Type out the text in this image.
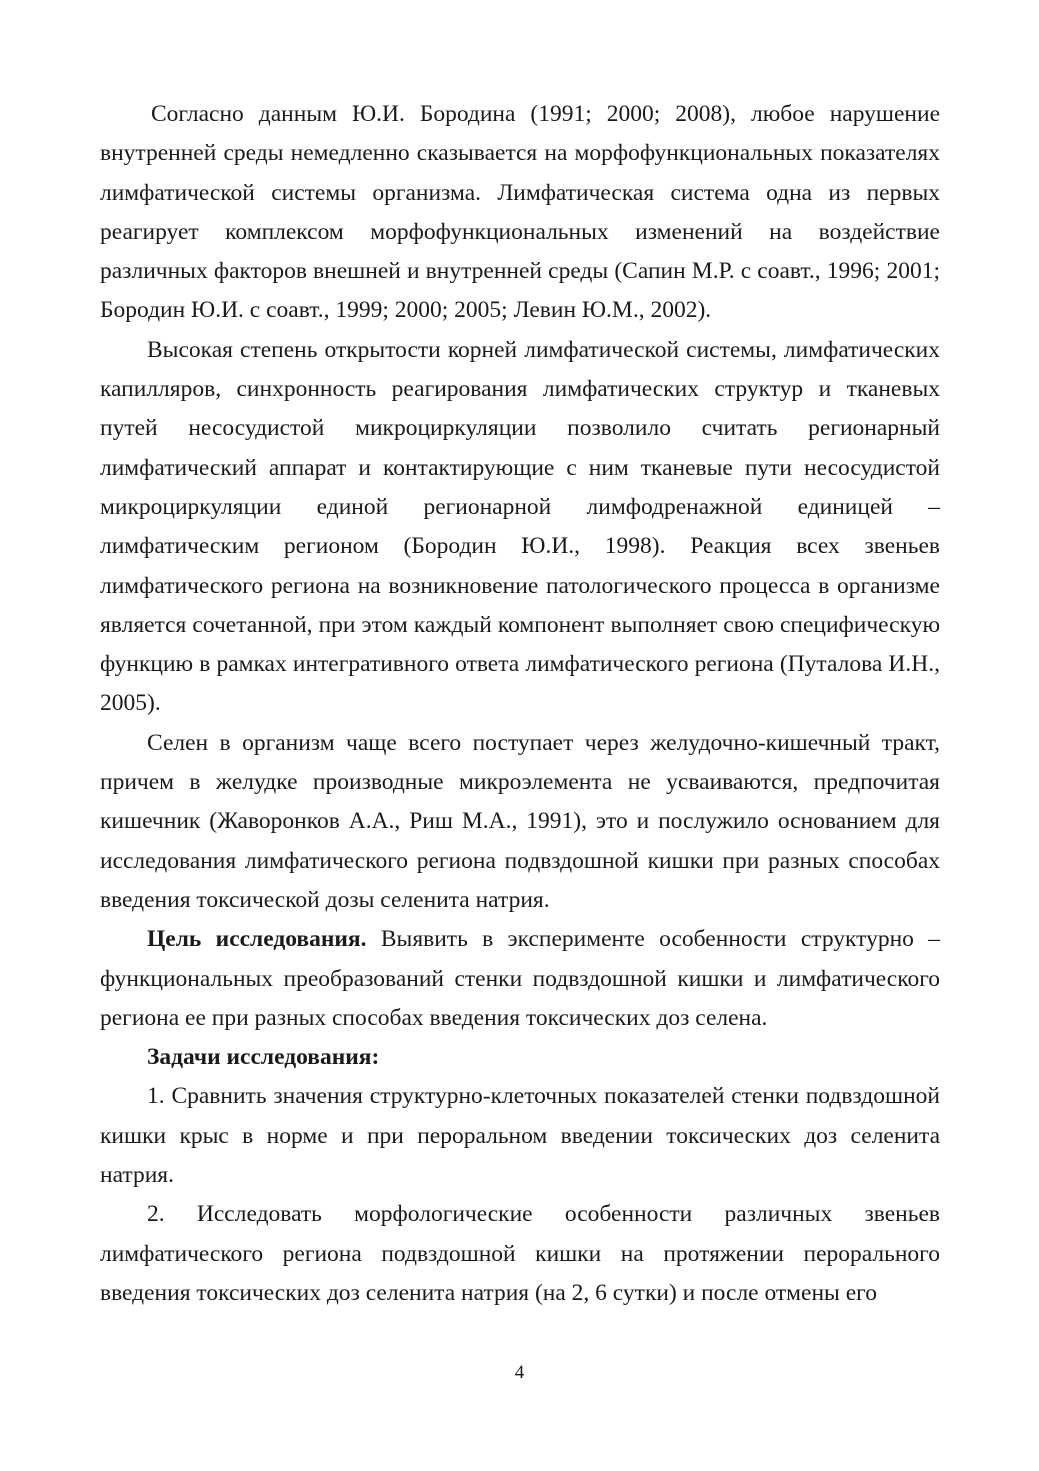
Согласно данным Ю.И. Бородина (1991; 2000; 2008), любое нарушение внутренней среды немедленно сказывается на морфофункциональных показателях лимфатической системы организма. Лимфатическая система одна из первых реагирует комплексом морфофункциональных изменений на воздействие различных факторов внешней и внутренней среды (Сапин М.Р. с соавт., 1996; 2001; Бородин Ю.И. с соавт., 1999; 2000; 2005; Левин Ю.М., 2002).

Высокая степень открытости корней лимфатической системы, лимфатических капилляров, синхронность реагирования лимфатических структур и тканевых путей несосудистой микроциркуляции позволило считать регионарный лимфатический аппарат и контактирующие с ним тканевые пути несосудистой микроциркуляции единой регионарной лимфодренажной единицей – лимфатическим регионом (Бородин Ю.И., 1998). Реакция всех звеньев лимфатического региона на возникновение патологического процесса в организме является сочетанной, при этом каждый компонент выполняет свою специфическую функцию в рамках интегративного ответа лимфатического региона (Путалова И.Н., 2005).

Селен в организм чаще всего поступает через желудочно-кишечный тракт, причем в желудке производные микроэлемента не усваиваются, предпочитая кишечник (Жаворонков А.А., Риш М.А., 1991), это и послужило основанием для исследования лимфатического региона подвздошной кишки при разных способах введения токсической дозы селенита натрия.

Цель исследования. Выявить в эксперименте особенности структурно – функциональных преобразований стенки подвздошной кишки и лимфатического региона ее при разных способах введения токсических доз селена.

Задачи исследования:

1. Сравнить значения структурно-клеточных показателей стенки подвздошной кишки крыс в норме и при пероральном введении токсических доз селенита натрия.

2. Исследовать морфологические особенности различных звеньев лимфатического региона подвздошной кишки на протяжении перорального введения токсических доз селенита натрия (на 2, 6 сутки) и после отмены его

4
